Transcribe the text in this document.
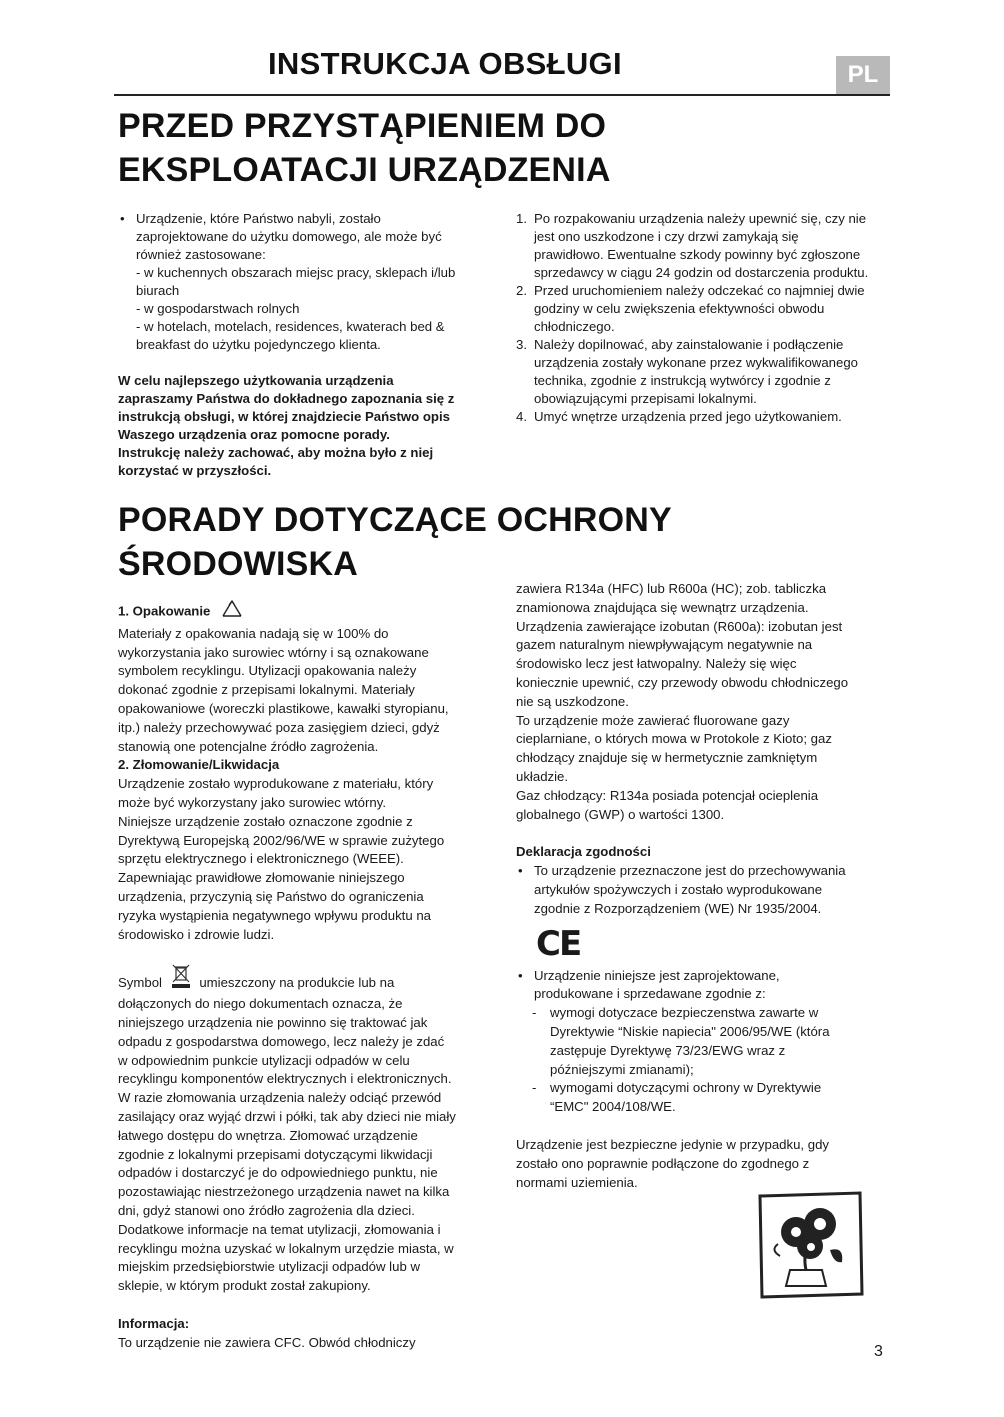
INSTRUKCJA OBSŁUGI	PL
PRZED PRZYSTĄPIENIEM DO
EKSPLOATACJI URZĄDZENIA
• Urządzenie, które Państwo nabyli, zostało
zaprojektowane do użytku domowego, ale może być
również zastosowane:
- w kuchennych obszarach miejsc pracy, sklepach i/lub
biurach
- w gospodarstwach rolnych
- w hotelach, motelach, residences, kwaterach bed &
breakfast do użytku pojedynczego klienta.
W celu najlepszego użytkowania urządzenia
zapraszamy Państwa do dokładnego zapoznania się z
instrukcją obsługi, w której znajdziecie Państwo opis
Waszego urządzenia oraz pomocne porady.
Instrukcję należy zachować, aby można było z niej
korzystać w przyszłości.
1. Po rozpakowaniu urządzenia należy upewnić się, czy nie
jest ono uszkodzone i czy drzwi zamykają się
prawidłowo. Ewentualne szkody powinny być zgłoszone
sprzedawcy w ciągu 24 godzin od dostarczenia produktu.
2. Przed uruchomieniem należy odczekać co najmniej dwie
godziny w celu zwiększenia efektywności obwodu
chłodniczego.
3. Należy dopilnować, aby zainstalowanie i podłączenie
urządzenia zostały wykonane przez wykwalifikowanego
technika, zgodnie z instrukcją wytwórcy i zgodnie z
obowiązującymi przepisami lokalnymi.
4. Umyć wnętrze urządzenia przed jego użytkowaniem.
PORADY DOTYCZĄCE OCHRONY
ŚRODOWISKA
1. Opakowanie
Materiały z opakowania nadają się w 100% do
wykorzystania jako surowiec wtórny i są oznakowane
symbolem recyklingu. Utylizacji opakowania należy
dokonać zgodnie z przepisami lokalnymi. Materiały
opakowaniowe (woreczki plastikowe, kawałki styropianu,
itp.) należy przechowywać poza zasięgiem dzieci, gdyż
stanowią one potencjalne źródło zagrożenia.
2. Złomowanie/Likwidacja
Urządzenie zostało wyprodukowane z materiału, który
może być wykorzystany jako surowiec wtórny.
Niniejsze urządzenie zostało oznaczone zgodnie z
Dyrektywą Europejską 2002/96/WE w sprawie zużytego
sprzętu elektrycznego i elektronicznego (WEEE).
Zapewniając prawidłowe złomowanie niniejszego
urządzenia, przyczynią się Państwo do ograniczenia
ryzyka wystąpienia negatywnego wpływu produktu na
środowisko i zdrowie ludzi.
Symbol	umieszczony na produkcie lub na
dołączonych do niego dokumentach oznacza, że
niniejszego urządzenia nie powinno się traktować jak
odpadu z gospodarstwa domowego, lecz należy je zdać
w odpowiednim punkcie utylizacji odpadów w celu
recyklingu komponentów elektrycznych i elektronicznych.
W razie złomowania urządzenia należy odciąć przewód
zasilający oraz wyjąć drzwi i półki, tak aby dzieci nie miały
łatwego dostępu do wnętrza. Złomować urządzenie
zgodnie z lokalnymi przepisami dotyczącymi likwidacji
odpadów i dostarczyć je do odpowiedniego punktu, nie
pozostawiając niestrzeżonego urządzenia nawet na kilka
dni, gdyż stanowi ono źródło zagrożenia dla dzieci.
Dodatkowe informacje na temat utylizacji, złomowania i
recyklingu można uzyskać w lokalnym urzędzie miasta, w
miejskim przedsiębiorstwie utylizacji odpadów lub w
sklepie, w którym produkt został zakupiony.
Informacja:
To urządzenie nie zawiera CFC. Obwód chłodniczy
zawiera R134a (HFC) lub R600a (HC); zob. tabliczka
znamionowa znajdująca się wewnątrz urządzenia.
Urządzenia zawierające izobutan (R600a): izobutan jest
gazem naturalnym niewpływającym negatywnie na
środowisko lecz jest łatwopalny. Należy się więc
koniecznie upewnić, czy przewody obwodu chłodniczego
nie są uszkodzone.
To urządzenie może zawierać fluorowane gazy
cieplarniane, o których mowa w Protokole z Kioto; gaz
chłodzący znajduje się w hermetycznie zamkniętym
układzie.
Gaz chłodzący: R134a posiada potencjał ocieplenia
globalnego (GWP) o wartości 1300.
Deklaracja zgodności
• To urządzenie przeznaczone jest do przechowywania
artykułów spożywczych i zostało wyprodukowane
zgodnie z Rozporządzeniem (WE) Nr 1935/2004.
CE
• Urządzenie niniejsze jest zaprojektowane,
produkowane i sprzedawane zgodnie z:
- wymogi dotyczace bezpieczenstwa zawarte w
Dyrektywie “Niskie napiecia" 2006/95/WE (która
zastępuje Dyrektywę 73/23/EWG wraz z
późniejszymi zmianami);
- wymogami dotyczącymi ochrony w Dyrektywie
“EMC" 2004/108/WE.
Urządzenie jest bezpieczne jedynie w przypadku, gdy
zostało ono poprawnie podłączone do zgodnego z
normami uziemienia.
3
